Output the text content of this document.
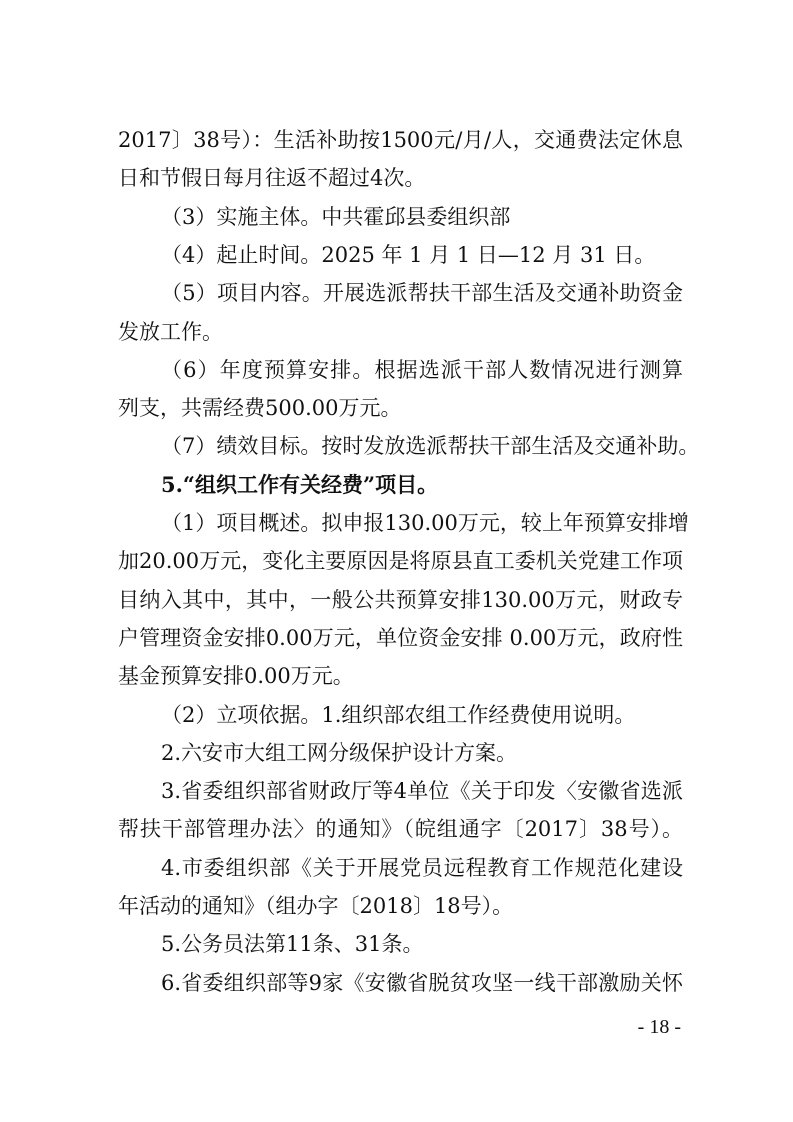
2017〕38号）：生活补助按1500元/月/人，交通费法定休息
日和节假日每月往返不超过4次。
（3）实施主体。中共霍邱县委组织部
（4）起止时间。2025 年 1 月 1 日—12 月 31 日。
（5）项目内容。开展选派帮扶干部生活及交通补助资金
发放工作。
（6）年度预算安排。根据选派干部人数情况进行测算
列支，共需经费500.00万元。
（7）绩效目标。按时发放选派帮扶干部生活及交通补助。
5.“组织工作有关经费”项目。
（1）项目概述。拟申报130.00万元，较上年预算安排增
加20.00万元，变化主要原因是将原县直工委机关党建工作项
目纳入其中，其中，一般公共预算安排130.00万元，财政专
户管理资金安排0.00万元，单位资金安排 0.00万元，政府性
基金预算安排0.00万元。
（2）立项依据。1.组织部农组工作经费使用说明。
2.六安市大组工网分级保护设计方案。
3.省委组织部省财政厅等4单位《关于印发〈安徽省选派
帮扶干部管理办法〉的通知》（皖组通字〔2017〕38号）。
4.市委组织部《关于开展党员远程教育工作规范化建设
年活动的通知》（组办字〔2018〕18号）。
5.公务员法第11条、31条。
6.省委组织部等9家《安徽省脱贫攻坚一线干部激励关怀
- 18 -
